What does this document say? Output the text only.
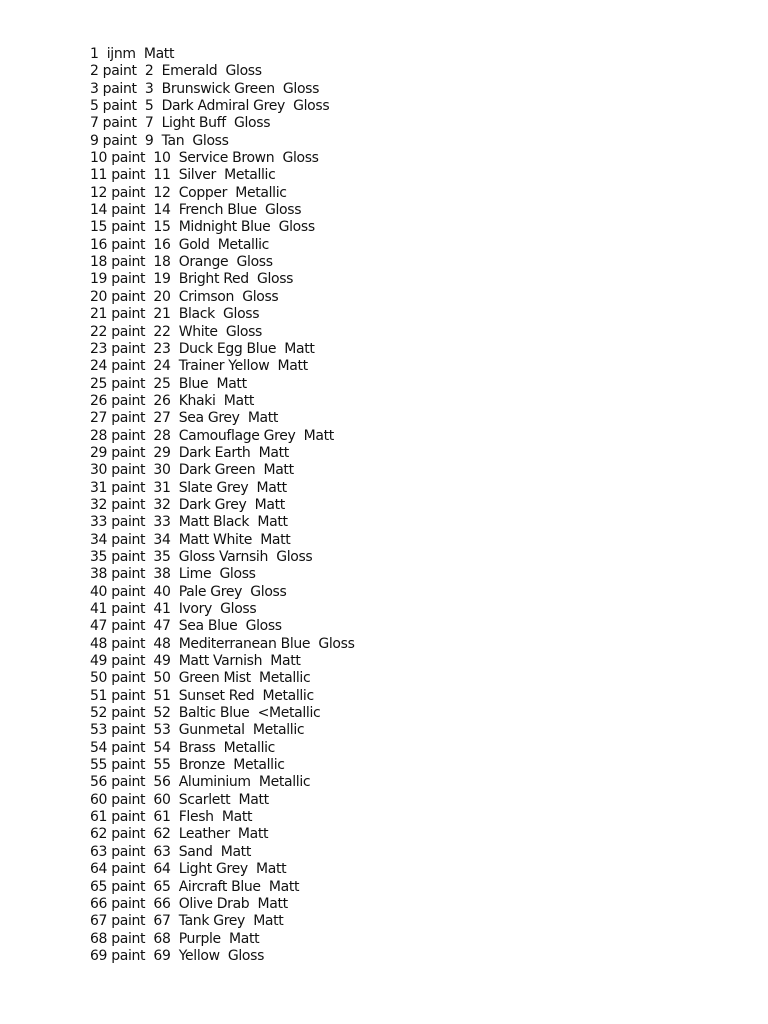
1  ijnm  Matt
2 paint  2  Emerald  Gloss
3 paint  3  Brunswick Green  Gloss
5 paint  5  Dark Admiral Grey  Gloss
7 paint  7  Light Buff  Gloss
9 paint  9  Tan  Gloss
10 paint  10  Service Brown  Gloss
11 paint  11  Silver  Metallic
12 paint  12  Copper  Metallic
14 paint  14  French Blue  Gloss
15 paint  15  Midnight Blue  Gloss
16 paint  16  Gold  Metallic
18 paint  18  Orange  Gloss
19 paint  19  Bright Red  Gloss
20 paint  20  Crimson  Gloss
21 paint  21  Black  Gloss
22 paint  22  White  Gloss
23 paint  23  Duck Egg Blue  Matt
24 paint  24  Trainer Yellow  Matt
25 paint  25  Blue  Matt
26 paint  26  Khaki  Matt
27 paint  27  Sea Grey  Matt
28 paint  28  Camouflage Grey  Matt
29 paint  29  Dark Earth  Matt
30 paint  30  Dark Green  Matt
31 paint  31  Slate Grey  Matt
32 paint  32  Dark Grey  Matt
33 paint  33  Matt Black  Matt
34 paint  34  Matt White  Matt
35 paint  35  Gloss Varnsih  Gloss
38 paint  38  Lime  Gloss
40 paint  40  Pale Grey  Gloss
41 paint  41  Ivory  Gloss
47 paint  47  Sea Blue  Gloss
48 paint  48  Mediterranean Blue  Gloss
49 paint  49  Matt Varnish  Matt
50 paint  50  Green Mist  Metallic
51 paint  51  Sunset Red  Metallic
52 paint  52  Baltic Blue  <Metallic
53 paint  53  Gunmetal  Metallic
54 paint  54  Brass  Metallic
55 paint  55  Bronze  Metallic
56 paint  56  Aluminium  Metallic
60 paint  60  Scarlett  Matt
61 paint  61  Flesh  Matt
62 paint  62  Leather  Matt
63 paint  63  Sand  Matt
64 paint  64  Light Grey  Matt
65 paint  65  Aircraft Blue  Matt
66 paint  66  Olive Drab  Matt
67 paint  67  Tank Grey  Matt
68 paint  68  Purple  Matt
69 paint  69  Yellow  Gloss
